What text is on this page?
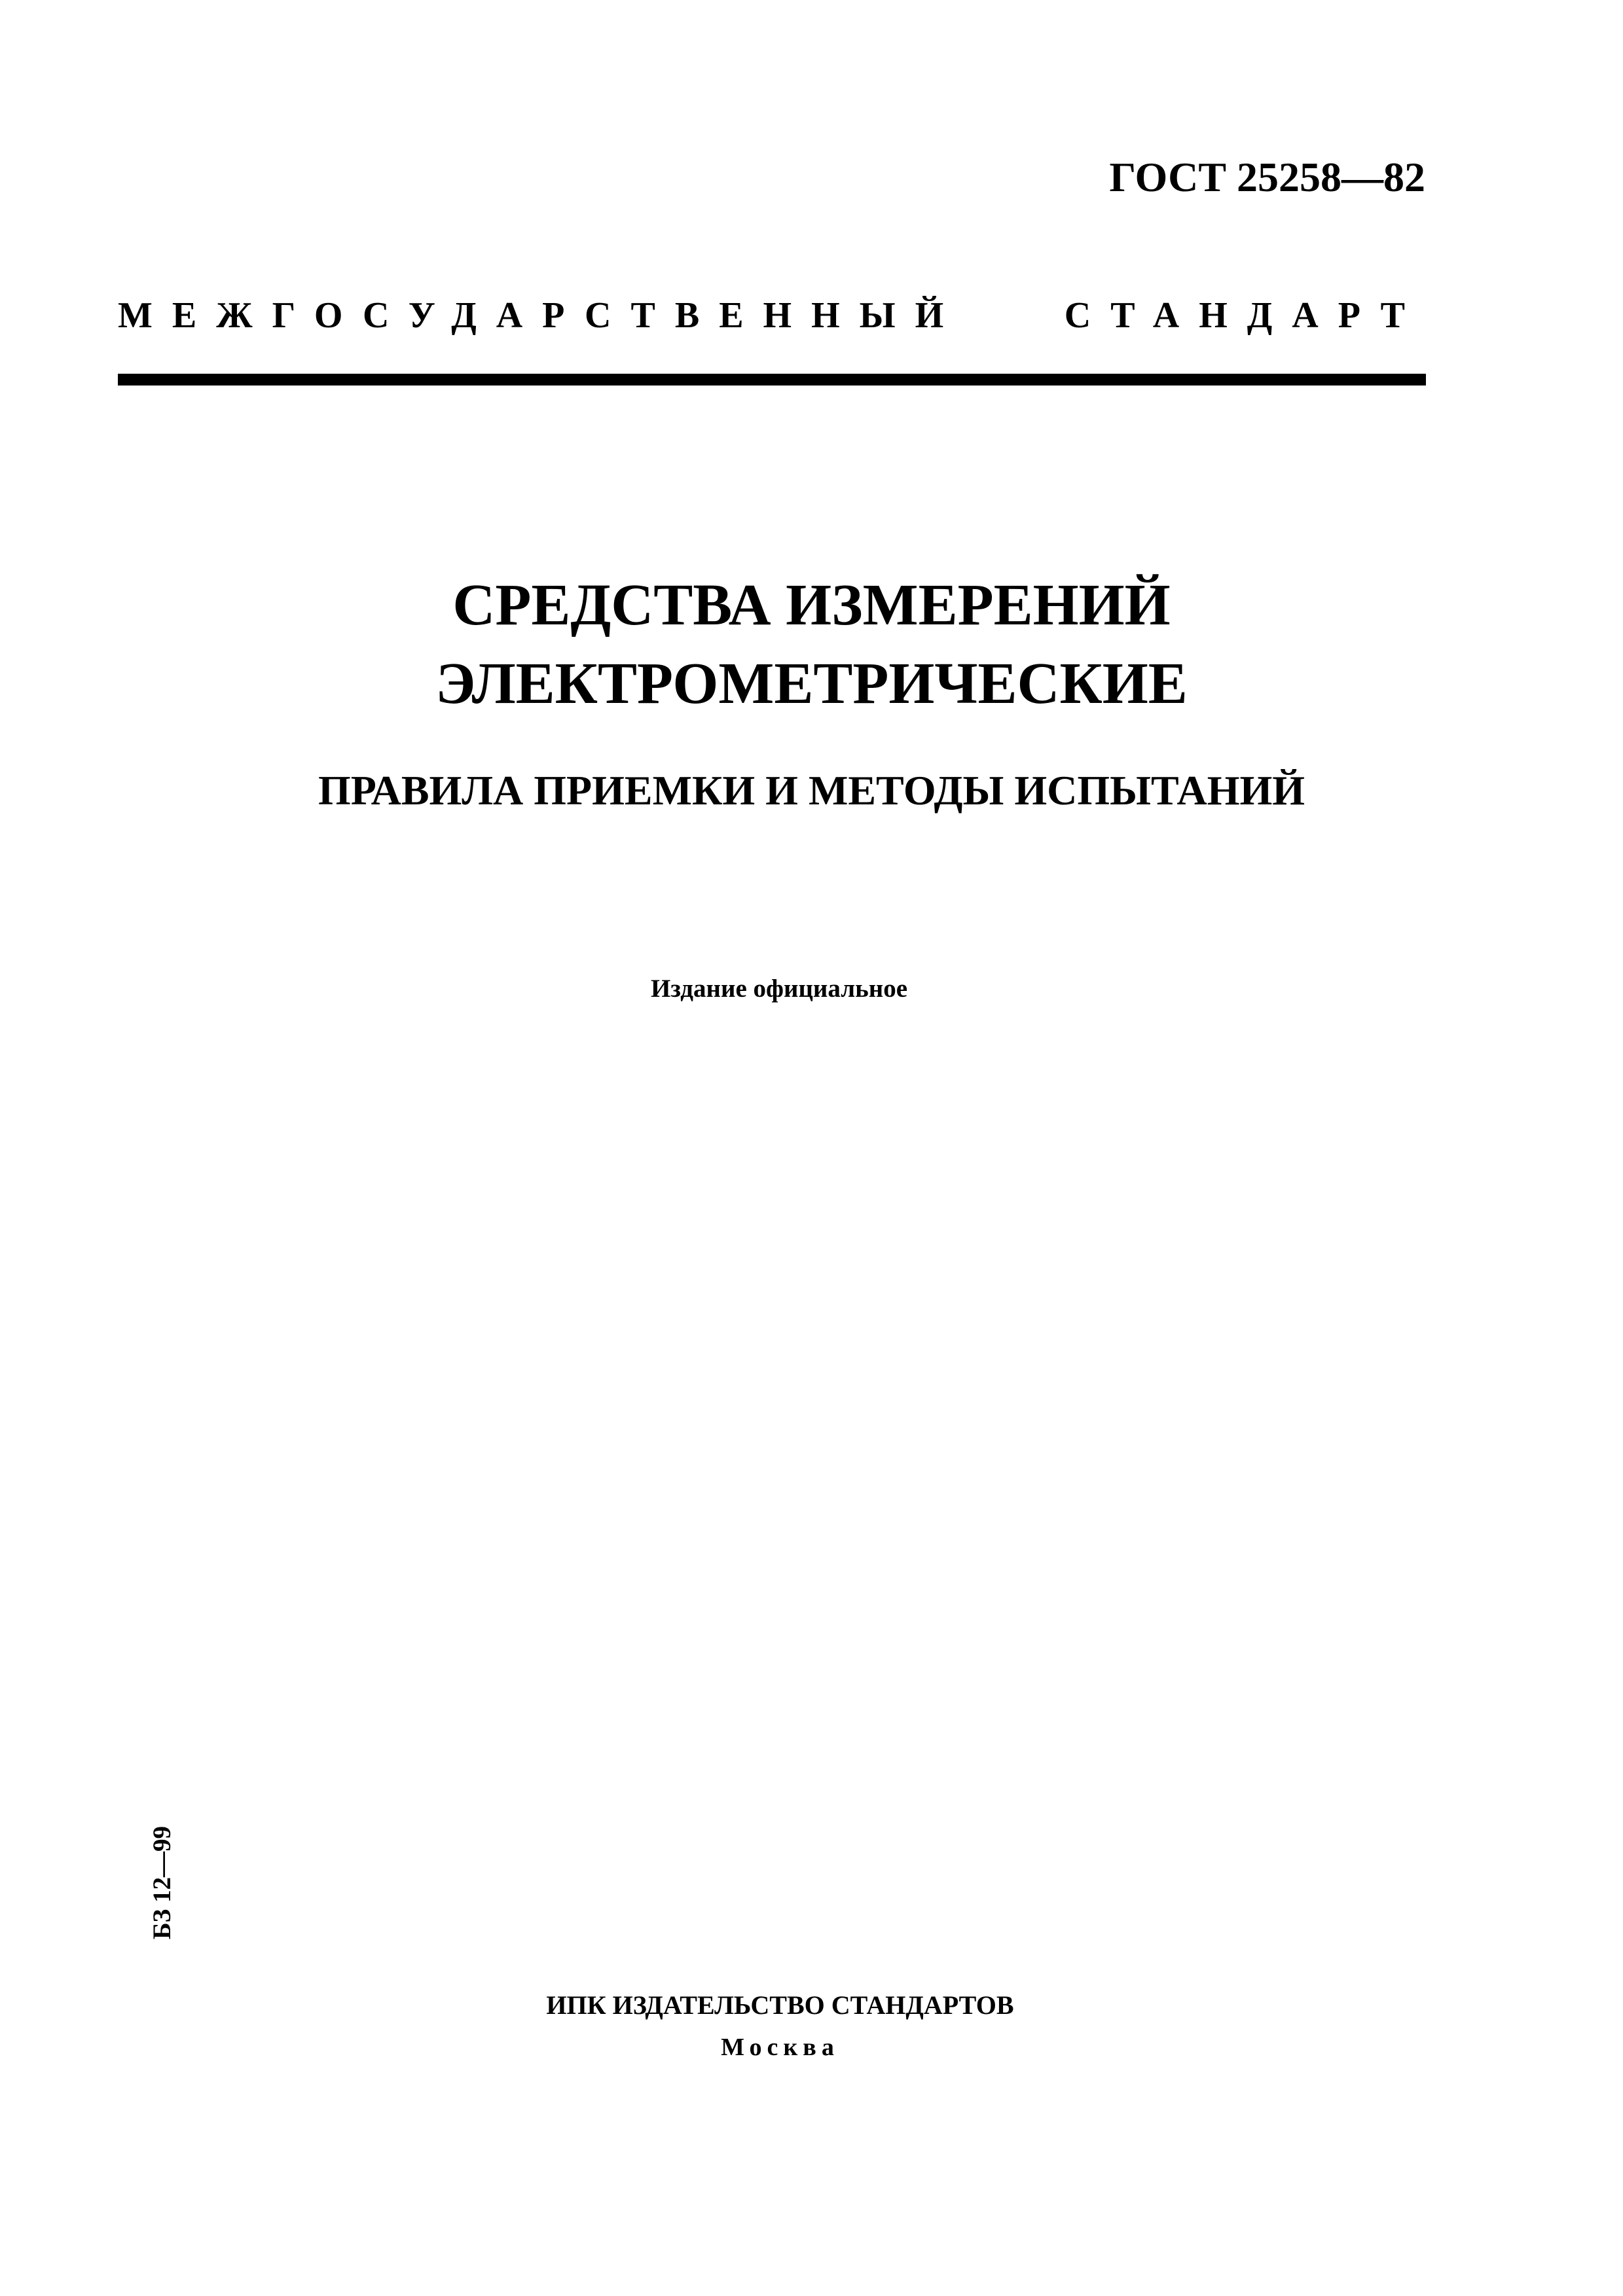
ГОСТ 25258—82
МЕЖГОСУДАРСТВЕННЫЙ СТАНДАРТ
СРЕДСТВА ИЗМЕРЕНИЙ
ЭЛЕКТРОМЕТРИЧЕСКИЕ
ПРАВИЛА ПРИЕМКИ И МЕТОДЫ ИСПЫТАНИЙ
Издание официальное
БЗ 12—99
ИПК ИЗДАТЕЛЬСТВО СТАНДАРТОВ
Москва
